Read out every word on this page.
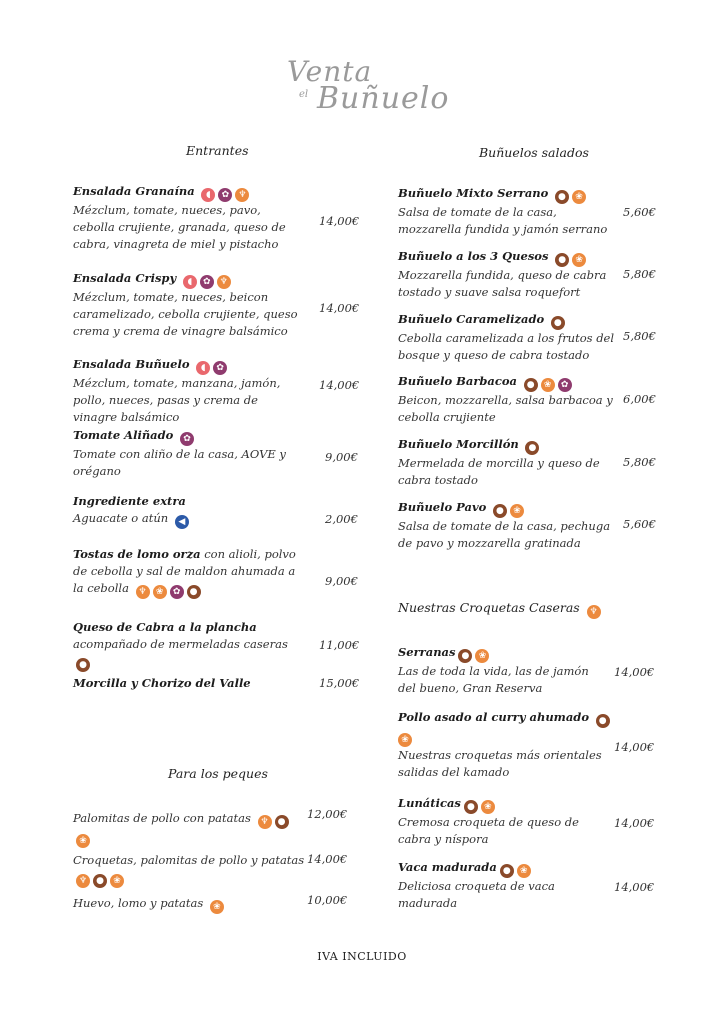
Venta
el Buñuelo
Entrantes
Ensalada Granaína ◖ ✿ ♆
Mézclum, tomate, nueces, pavo, cebolla crujiente, granada, queso de cabra, vinagreta de miel y pistacho
14,00€
Ensalada Crispy ◖ ✿ ♆
Mézclum, tomate, nueces, beicon caramelizado, cebolla crujiente, queso crema y crema de vinagre balsámico
14,00€
Ensalada Buñuelo ◖ ✿
Mézclum, tomate, manzana, jamón, pollo, nueces, pasas y crema de vinagre balsámico
14,00€
Tomate Aliñado ✿
Tomate con aliño de la casa, AOVE y orégano
9,00€
Ingrediente extra
Aguacate o atún ◀	2,00€
Tostas de lomo orza con alioli, polvo de cebolla y sal de maldon ahumada a la cebolla ♆ ❀ ✿ ●
9,00€
Queso de Cabra a la plancha acompañado de mermeladas caseras ●
11,00€
Morcilla y Chorizo del Valle	15,00€
Para los peques
Palomitas de pollo con patatas ♆ ● ❀
12,00€
Croquetas, palomitas de pollo y patatas ♆ ● ❀
14,00€
Huevo, lomo y patatas ❀	10,00€
Buñuelos salados
Buñuelo Mixto Serrano ● ❀
Salsa de tomate de la casa, mozzarella fundida y jamón serrano
5,60€
Buñuelo a los 3 Quesos ● ❀
Mozzarella fundida, queso de cabra tostado y suave salsa roquefort
5,80€
Buñuelo Caramelizado ●
Cebolla caramelizada a los frutos del bosque y queso de cabra tostado
5,80€
Buñuelo Barbacoa ● ❀ ✿
Beicon, mozzarella, salsa barbacoa y cebolla crujiente
6,00€
Buñuelo Morcillón ●
Mermelada de morcilla y queso de cabra tostado
5,80€
Buñuelo Pavo ● ❀
Salsa de tomate de la casa, pechuga de pavo y mozzarella gratinada
5,60€
Nuestras Croquetas Caseras ♆
Serranas ● ❀
Las de toda la vida, las de jamón del bueno, Gran Reserva
14,00€
Pollo asado al curry ahumado ● ❀
Nuestras croquetas más orientales salidas del kamado
14,00€
Lunáticas ● ❀
Cremosa croqueta de queso de cabra y níspora
14,00€
Vaca madurada ● ❀
Deliciosa croqueta de vaca madurada
14,00€
IVA INCLUIDO
